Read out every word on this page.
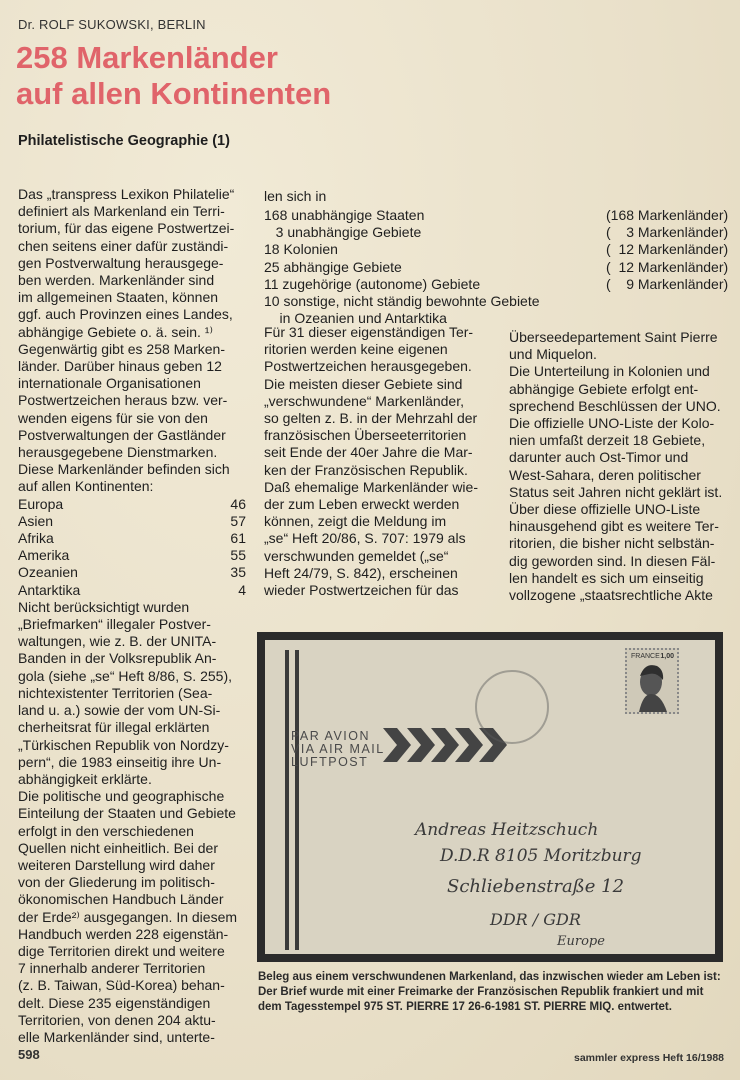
Dr. ROLF SUKOWSKI, BERLIN
258 Markenländer
auf allen Kontinenten
Philatelistische Geographie (1)
Das „transpress Lexikon Philatelie“
definiert als Markenland ein Terri-
torium, für das eigene Postwertzei-
chen seitens einer dafür zuständi-
gen Postverwaltung herausgege-
ben werden. Markenländer sind
im allgemeinen Staaten, können
ggf. auch Provinzen eines Landes,
abhängige Gebiete o. ä. sein. ¹⁾
Gegenwärtig gibt es 258 Marken-
länder. Darüber hinaus geben 12
internationale Organisationen
Postwertzeichen heraus bzw. ver-
wenden eigens für sie von den
Postverwaltungen der Gastländer
herausgegebene Dienstmarken.
Diese Markenländer befinden sich
auf allen Kontinenten:
Europa	46
Asien	57
Afrika	61
Amerika	55
Ozeanien	35
Antarktika	4
Nicht berücksichtigt wurden
„Briefmarken“ illegaler Postver-
waltungen, wie z. B. der UNITA-
Banden in der Volksrepublik An-
gola (siehe „se“ Heft 8/86, S. 255),
nichtexistenter Territorien (Sea-
land u. a.) sowie der vom UN-Si-
cherheitsrat für illegal erklärten
„Türkischen Republik von Nordzy-
pern“, die 1983 einseitig ihre Un-
abhängigkeit erklärte.
Die politische und geographische
Einteilung der Staaten und Gebiete
erfolgt in den verschiedenen
Quellen nicht einheitlich. Bei der
weiteren Darstellung wird daher
von der Gliederung im politisch-
ökonomischen Handbuch Länder
der Erde²⁾ ausgegangen. In diesem
Handbuch werden 228 eigenstän-
dige Territorien direkt und weitere
7 innerhalb anderer Territorien
(z. B. Taiwan, Süd-Korea) behan-
delt. Diese 235 eigenständigen
Territorien, von denen 204 aktu-
elle Markenländer sind, unterte-
len sich in
168 unabhängige Staaten	(168 Markenländer)
3 unabhängige Gebiete	(    3 Markenländer)
18 Kolonien	(  12 Markenländer)
25 abhängige Gebiete	(  12 Markenländer)
11 zugehörige (autonome) Gebiete	(    9 Markenländer)
10 sonstige, nicht ständig bewohnte Gebiete
in Ozeanien und Antarktika
Für 31 dieser eigenständigen Ter-
ritorien werden keine eigenen
Postwertzeichen herausgegeben.
Die meisten dieser Gebiete sind
„verschwundene“ Markenländer,
so gelten z. B. in der Mehrzahl der
französischen Überseeterritorien
seit Ende der 40er Jahre die Mar-
ken der Französischen Republik.
Daß ehemalige Markenländer wie-
der zum Leben erweckt werden
können, zeigt die Meldung im
„se“ Heft 20/86, S. 707: 1979 als
verschwunden gemeldet („se“
Heft 24/79, S. 842), erscheinen
wieder Postwertzeichen für das
Überseedepartement Saint Pierre
und Miquelon.
Die Unterteilung in Kolonien und
abhängige Gebiete erfolgt ent-
sprechend Beschlüssen der UNO.
Die offizielle UNO-Liste der Kolo-
nien umfaßt derzeit 18 Gebiete,
darunter auch Ost-Timor und
West-Sahara, deren politischer
Status seit Jahren nicht geklärt ist.
Über diese offizielle UNO-Liste
hinausgehend gibt es weitere Ter-
ritorien, die bisher nicht selbstän-
dig geworden sind. In diesen Fäl-
len handelt es sich um einseitig
vollzogene „staatsrechtliche Akte
PAR AVION
VIA AIR MAIL
LUFTPOST
FRANCE 1,00
Andreas Heitzschuch
D.D.R 8105 Moritzburg
Schliebenstraße 12
DDR / GDR
Europe
Beleg aus einem verschwundenen Markenland, das inzwischen wieder am Leben ist: Der Brief wurde mit einer Freimarke der Französischen Republik frankiert und mit dem Tagesstempel 975 ST. PIERRE 17 26-6-1981 ST. PIERRE MIQ. entwertet.
598	sammler express Heft 16/1988
